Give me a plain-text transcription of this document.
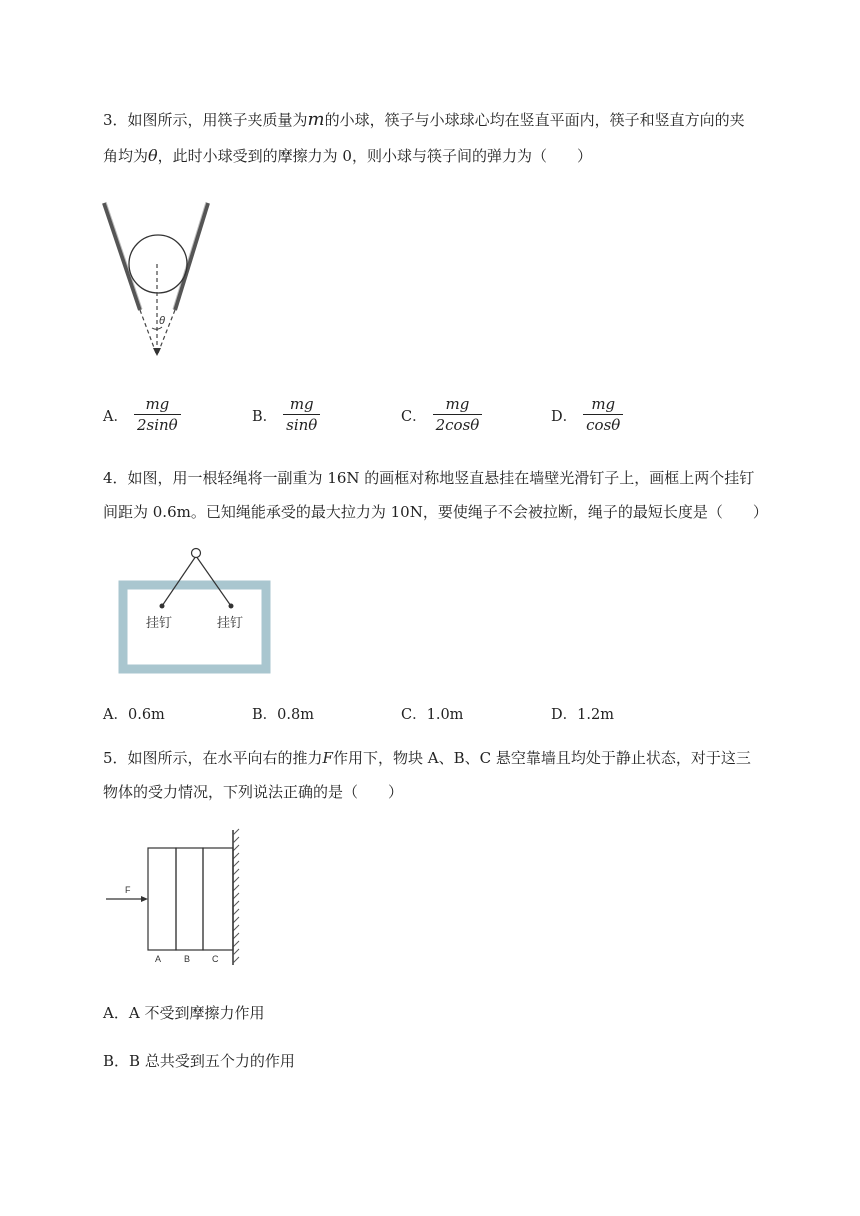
3．如图所示，用筷子夹质量为m的小球，筷子与小球球心均在竖直平面内，筷子和竖直方向的夹
角均为θ，此时小球受到的摩擦力为 0，则小球与筷子间的弹力为（　　）
θ
A． $\frac{mg}{2\sin\theta}$	B． $\frac{mg}{\sin\theta}$	C． $\frac{mg}{2\cos\theta}$	D． $\frac{mg}{\cos\theta}$
4．如图，用一根轻绳将一副重为 16N 的画框对称地竖直悬挂在墙壁光滑钉子上，画框上两个挂钉
间距为 0.6m。已知绳能承受的最大拉力为 10N，要使绳子不会被拉断，绳子的最短长度是（　　）
挂钉	挂钉
A．0.6m	B．0.8m	C．1.0m	D．1.2m
5．如图所示，在水平向右的推力F作用下，物块 A、B、C 悬空靠墙且均处于静止状态，对于这三
物体的受力情况，下列说法正确的是（　　）
F
A	B C
A．A 不受到摩擦力作用
B．B 总共受到五个力的作用
